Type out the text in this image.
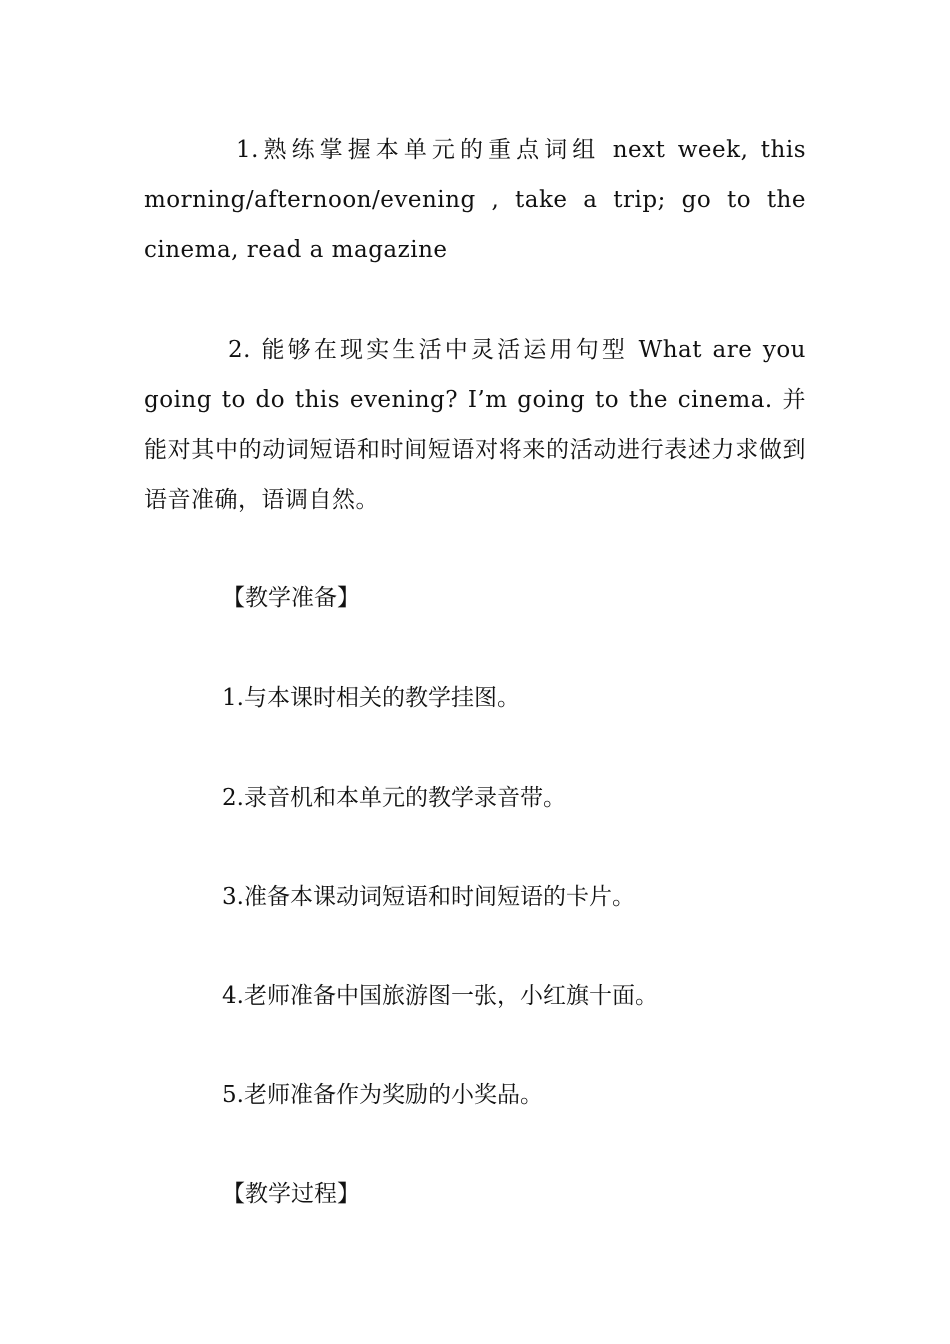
1.熟练掌握本单元的重点词组 next week, this morning/afternoon/evening , take a trip; go to the cinema, read a magazine

2. 能够在现实生活中灵活运用句型 What are you going to do this evening? I’m going to the cinema. 并能对其中的动词短语和时间短语对将来的活动进行表述力求做到语音准确，语调自然。

【教学准备】

1.与本课时相关的教学挂图。

2.录音机和本单元的教学录音带。

3.准备本课动词短语和时间短语的卡片。

4.老师准备中国旅游图一张，小红旗十面。

5.老师准备作为奖励的小奖品。

【教学过程】
